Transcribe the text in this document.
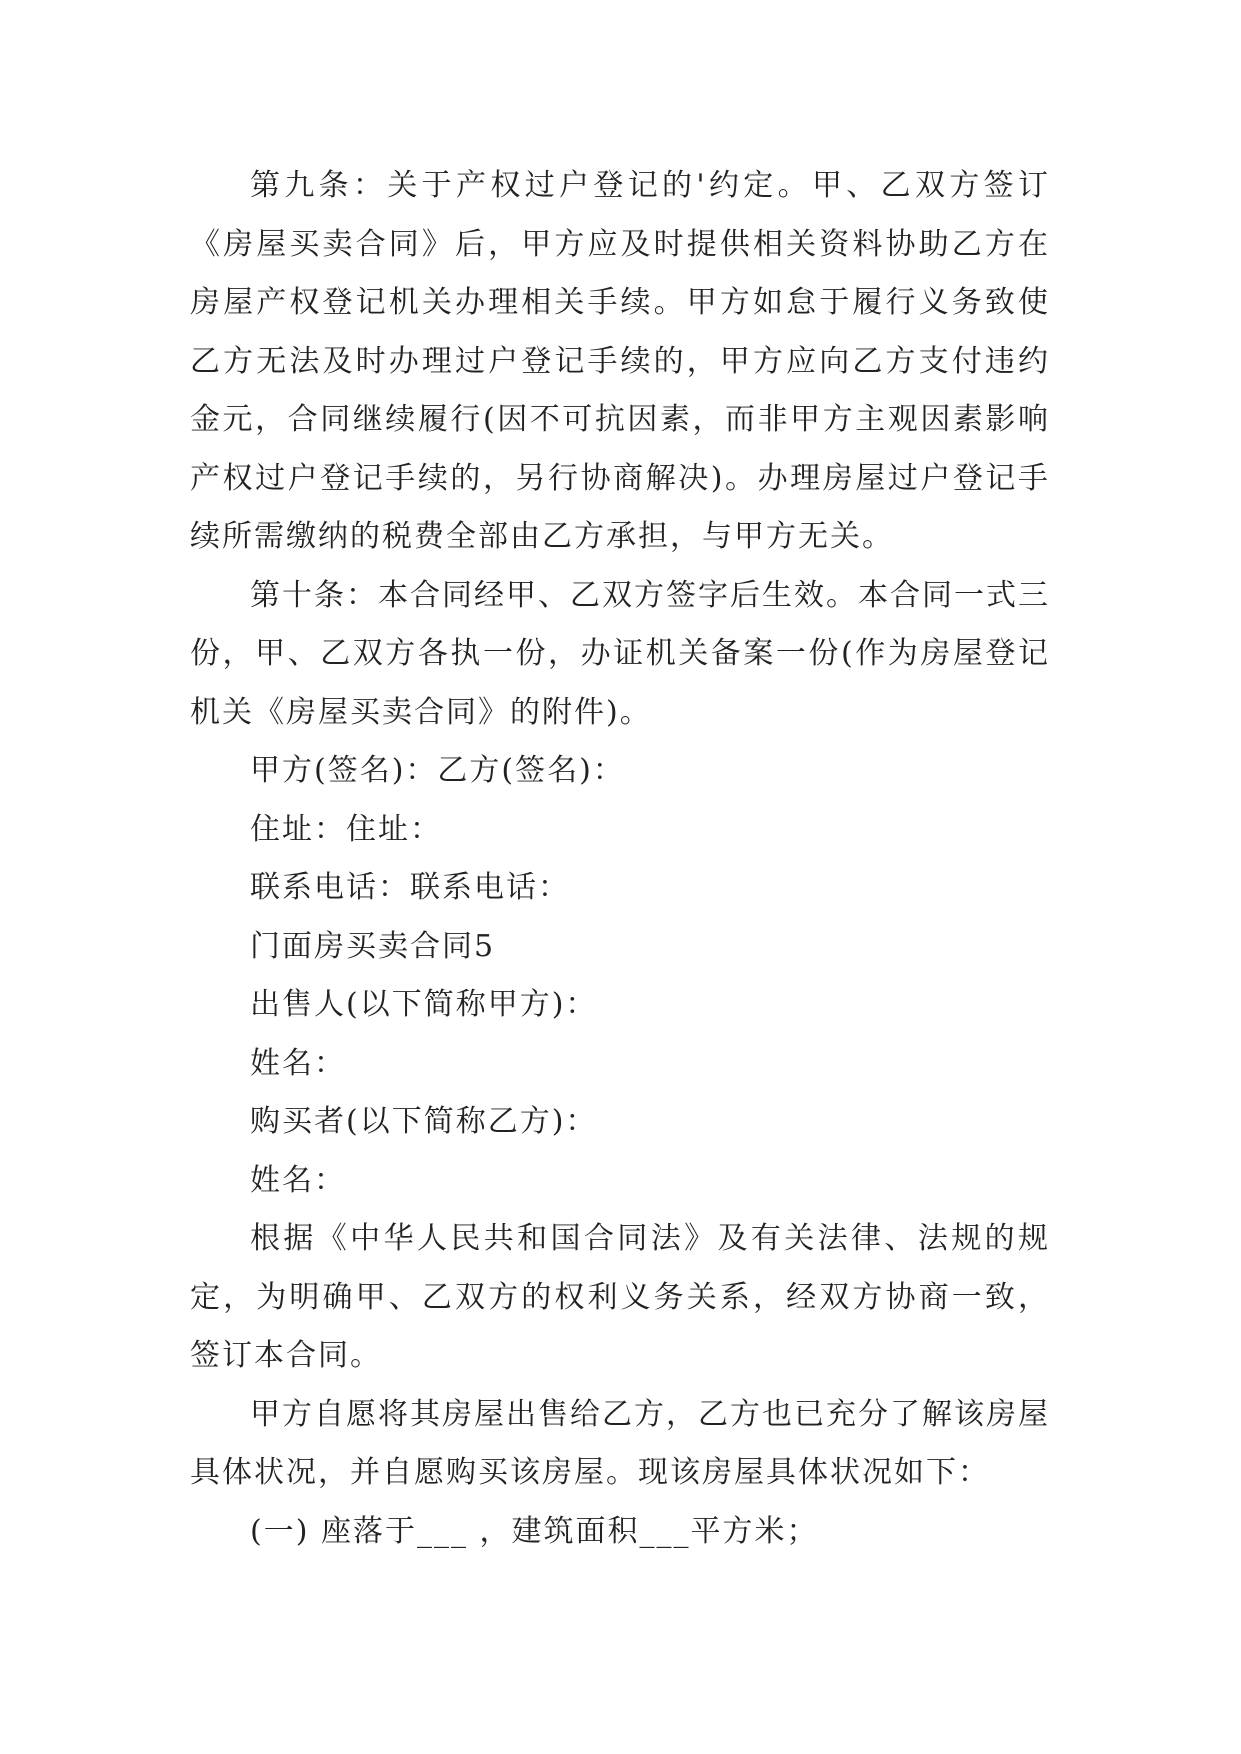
第九条：关于产权过户登记的'约定。甲、乙双方签订《房屋买卖合同》后，甲方应及时提供相关资料协助乙方在房屋产权登记机关办理相关手续。甲方如怠于履行义务致使乙方无法及时办理过户登记手续的，甲方应向乙方支付违约金元，合同继续履行(因不可抗因素，而非甲方主观因素影响产权过户登记手续的，另行协商解决)。办理房屋过户登记手续所需缴纳的税费全部由乙方承担，与甲方无关。

第十条：本合同经甲、乙双方签字后生效。本合同一式三份，甲、乙双方各执一份，办证机关备案一份(作为房屋登记机关《房屋买卖合同》的附件)。

甲方(签名)：乙方(签名)：

住址：住址：

联系电话：联系电话：

门面房买卖合同5

出售人(以下简称甲方)：

姓名：

购买者(以下简称乙方)：

姓名：

根据《中华人民共和国合同法》及有关法律、法规的规定，为明确甲、乙双方的权利义务关系，经双方协商一致，签订本合同。

甲方自愿将其房屋出售给乙方，乙方也已充分了解该房屋具体状况，并自愿购买该房屋。现该房屋具体状况如下：

(一) 座落于___ ，建筑面积___平方米；
